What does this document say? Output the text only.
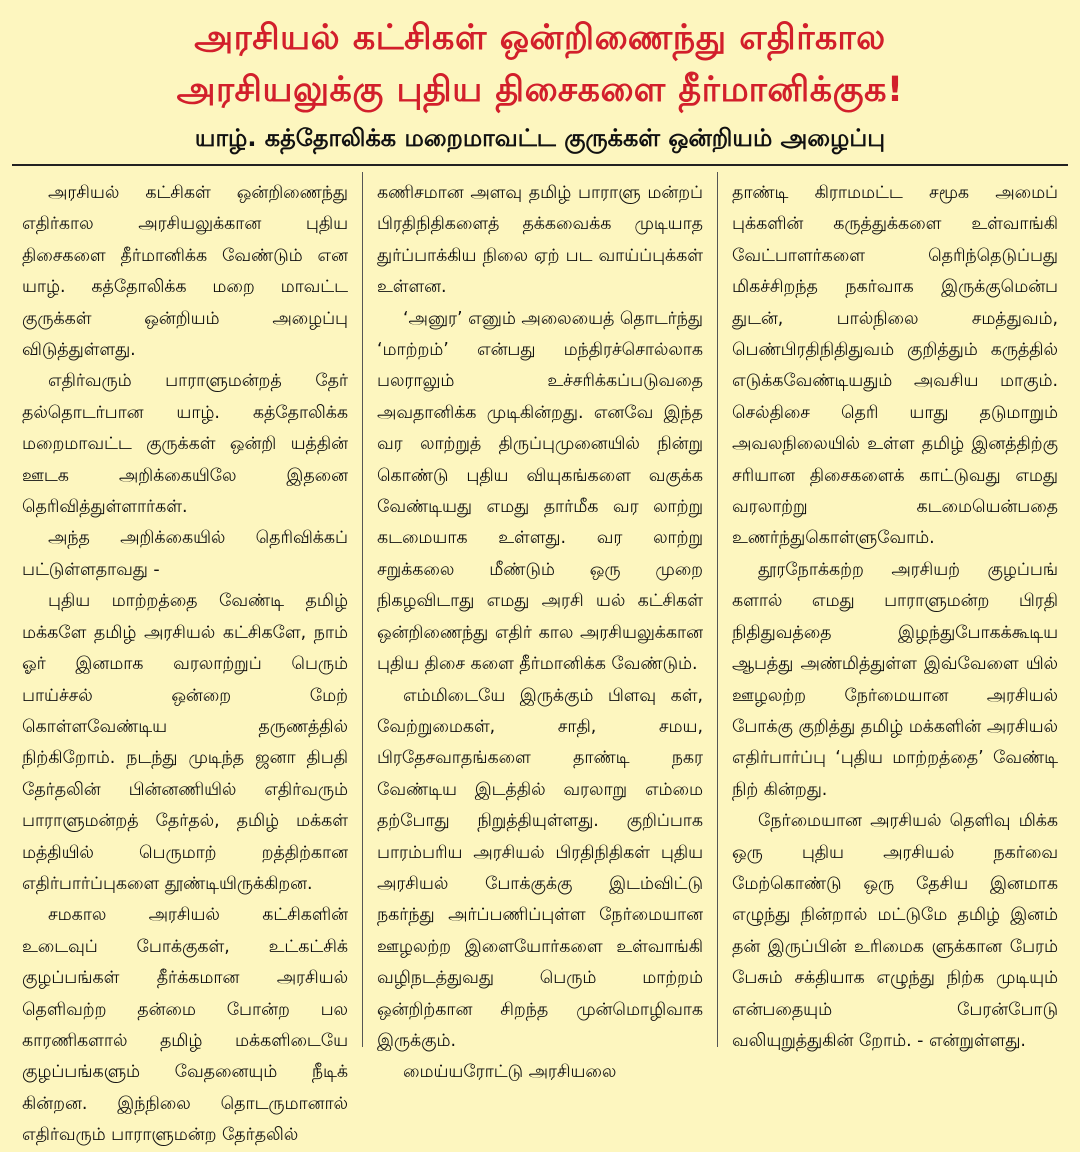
அரசியல் கட்சிகள் ஒன்றிணைந்து எதிர்கால
அரசியலுக்கு புதிய திசைகளை தீர்மானிக்குக!
யாழ். கத்தோலிக்க மறைமாவட்ட குருக்கள் ஒன்றியம் அழைப்பு

அரசியல் கட்சிகள் ஒன்றிணைந்து எதிர்கால அரசியலுக்கான புதிய திசைகளை தீர்மானிக்க வேண்டும் என யாழ். கத்தோலிக்க மறை மாவட்ட குருக்கள் ஒன்றியம் அழைப்பு விடுத்துள்ளது.

எதிர்வரும் பாராளுமன்றத் தேர் தல்தொடர்பான யாழ். கத்தோலிக்க மறைமாவட்ட குருக்கள் ஒன்றி யத்தின் ஊடக அறிக்கையிலே இதனை தெரிவித்துள்ளார்கள்.

அந்த அறிக்கையில் தெரிவிக்கப் பட்டுள்ளதாவது -

புதிய மாற்றத்தை வேண்டி தமிழ் மக்களே தமிழ் அரசியல் கட்சிகளே, நாம் ஓர் இனமாக வரலாற்றுப் பெரும் பாய்ச்சல் ஒன்றை மேற் கொள்ளவேண்டிய தருணத்தில் நிற்கிறோம். நடந்து முடிந்த ஜனா திபதி தேர்தலின் பின்னணியில் எதிர்வரும் பாராளுமன்றத் தேர்தல், தமிழ் மக்கள் மத்தியில் பெருமாற் றத்திற்கான எதிர்பார்ப்புகளை தூண்டியிருக்கிறன.

சமகால அரசியல் கட்சிகளின் உடைவுப் போக்குகள், உட்கட்சிக் குழப்பங்கள் தீர்க்கமான அரசியல் தெளிவற்ற தன்மை போன்ற பல காரணிகளால் தமிழ் மக்களிடையே குழப்பங்களும் வேதனையும் நீடிக் கின்றன. இந்நிலை தொடருமானால் எதிர்வரும் பாராளுமன்ற தேர்தலில்

கணிசமான அளவு தமிழ் பாராளு மன்றப் பிரதிநிதிகளைத் தக்கவைக்க முடியாத துர்ப்பாக்கிய நிலை ஏற் பட வாய்ப்புக்கள் உள்ளன.

‘அனுர’ எனும் அலையைத் தொடர்ந்து ‘மாற்றம்’ என்பது மந்திரச்சொல்லாக பலராலும் உச்சரிக்கப்படுவதை அவதானிக்க முடிகின்றது. எனவே இந்த வர லாற்றுத் திருப்புமுனையில் நின்று கொண்டு புதிய வியுகங்களை வகுக்க வேண்டியது எமது தார்மீக வர லாற்று கடமையாக உள்ளது. வர லாற்று சறுக்கலை மீண்டும் ஒரு முறை நிகழவிடாது எமது அரசி யல் கட்சிகள் ஒன்றிணைந்து எதிர் கால அரசியலுக்கான புதிய திசை களை தீர்மானிக்க வேண்டும்.

எம்மிடையே இருக்கும் பிளவு கள், வேற்றுமைகள், சாதி, சமய, பிரதேசவாதங்களை தாண்டி நகர வேண்டிய இடத்தில் வரலாறு எம்மை தற்போது நிறுத்தியுள்ளது. குறிப்பாக பாரம்பரிய அரசியல் பிரதிநிதிகள் புதிய அரசியல் போக்குக்கு இடம்விட்டு நகர்ந்து அர்ப்பணிப்புள்ள நேர்மையான ஊழலற்ற இளையோர்களை உள்வாங்கி வழிநடத்துவது பெரும் மாற்றம் ஒன்றிற்கான சிறந்த முன்மொழிவாக இருக்கும்.

மைய்யரோட்டு அரசியலை

தாண்டி கிராமமட்ட சமூக அமைப் புக்களின் கருத்துக்களை உள்வாங்கி வேட்பாளர்களை தெரிந்தெடுப்பது மிகச்சிறந்த நகர்வாக இருக்குமென்ப துடன், பால்நிலை சமத்துவம், பெண்பிரதிநிதிதுவம் குறித்தும் கருத்தில் எடுக்கவேண்டியதும் அவசிய மாகும். செல்திசை தெரி யாது தடுமாறும் அவலநிலையில் உள்ள தமிழ் இனத்திற்கு சரியான திசைகளைக் காட்டுவது எமது வரலாற்று கடமையென்பதை உணர்ந்துகொள்ளுவோம்.

தூரநோக்கற்ற அரசியற் குழப்பங் களால் எமது பாராளுமன்ற பிரதி நிதிதுவத்தை இழந்துபோகக்கூடிய ஆபத்து அண்மித்துள்ள இவ்வேளை யில் ஊழலற்ற நேர்மையான அரசியல் போக்கு குறித்து தமிழ் மக்களின் அரசியல் எதிர்பார்ப்பு ‘புதிய மாற்றத்தை’ வேண்டி நிற் கின்றது.

நேர்மையான அரசியல் தெளிவு மிக்க ஒரு புதிய அரசியல் நகர்வை மேற்கொண்டு ஒரு தேசிய இனமாக எழுந்து நின்றால் மட்டுமே தமிழ் இனம் தன் இருப்பின் உரிமைக ளுக்கான பேரம் பேசும் சக்தியாக எழுந்து நிற்க முடியும் என்பதையும் பேரன்போடு வலியுறுத்துகின் றோம். - என்றுள்ளது.
